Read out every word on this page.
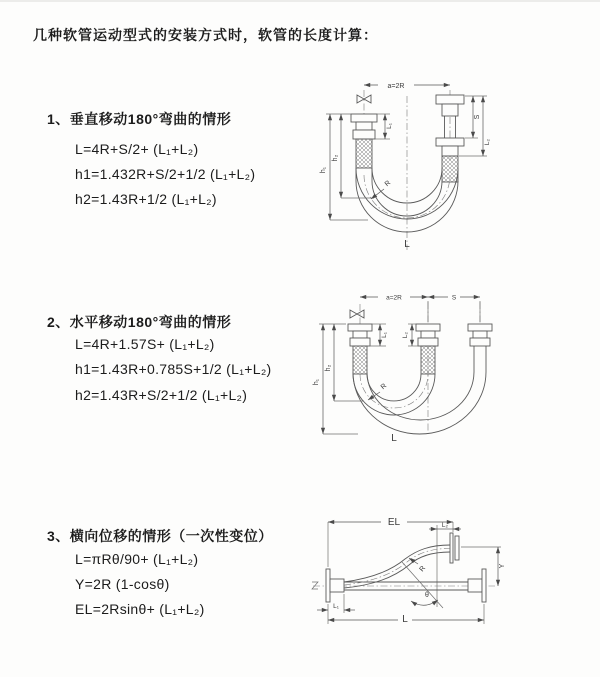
几种软管运动型式的安装方式时，软管的长度计算：
1、垂直移动180°弯曲的情形
L=4R+S/2+ (L₁+L₂)
h1=1.432R+S/2+1/2 (L₁+L₂)
h2=1.43R+1/2 (L₁+L₂)
2、水平移动180°弯曲的情形
L=4R+1.57S+ (L₁+L₂)
h1=1.43R+0.785S+1/2 (L₁+L₂)
h2=1.43R+S/2+1/2 (L₁+L₂)
3、横向位移的情形（一次性变位）
L=πRθ/90+ (L₁+L₂)
Y=2R (1-cosθ)
EL=2Rsinθ+ (L₁+L₂)
a=2R
h₁
h₂
L₁
S
L₂
R
L
a=2R	S
h₁
h₂
L₁ L₂
R
L
EL	L₂
Y
R
θ
L
L₁
